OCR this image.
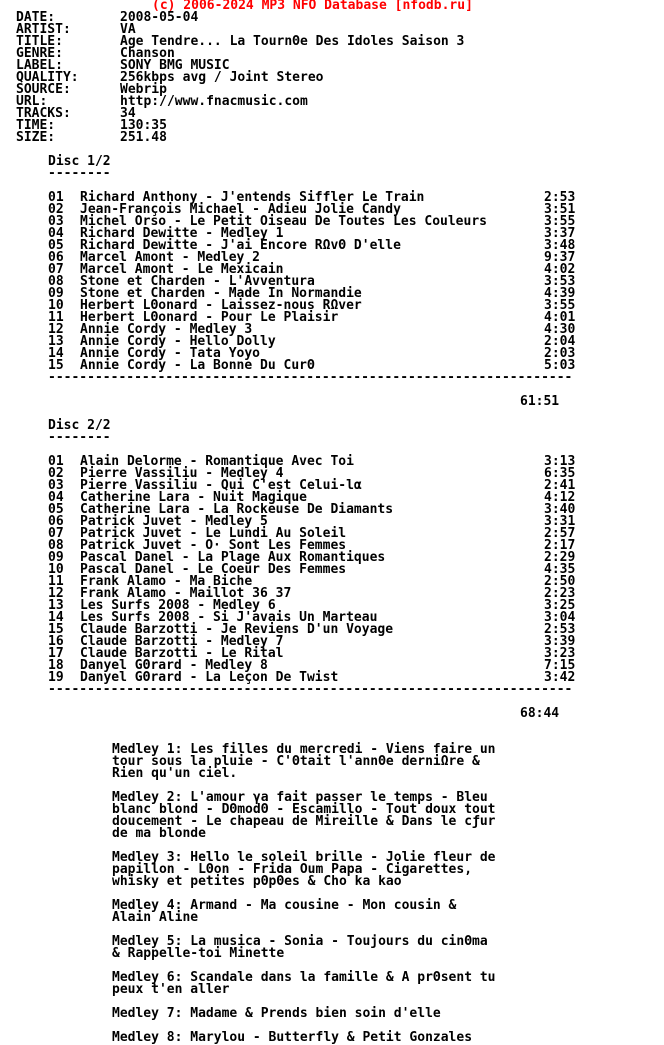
(c) 2006-2024 MP3 NFO Database [nfodb.ru]
DATE:	2008-05-04
ARTIST:	VA
TITLE:	Age Tendre... La TournΘe Des Idoles Saison 3
GENRE:	Chanson
LABEL:	SONY BMG MUSIC
QUALITY:	256kbps avg / Joint Stereo
SOURCE:	Webrip
URL:	http://www.fnacmusic.com
TRACKS:	34
TIME:	130:35
SIZE:	251.48
Disc 1/2
--------
01 Richard Anthony - J'entends Siffler Le Train	2:53
02 Jean-François Michael - Adieu Jolie Candy	3:51
03 Michel Orso - Le Petit Oiseau De Toutes Les Couleurs	3:55
04 Richard Dewitte - Medley 1	3:37
05 Richard Dewitte - J'ai Encore RΩvΘ D'elle	3:48
06 Marcel Amont - Medley 2	9:37
07 Marcel Amont - Le Mexicain	4:02
08 Stone et Charden - L'Avventura	3:53
09 Stone et Charden - Made In Normandie	4:39
10 Herbert LΘonard - Laissez-nous RΩver	3:55
11 Herbert LΘonard - Pour Le Plaisir	4:01
12 Annie Cordy - Medley 3	4:30
13 Annie Cordy - Hello Dolly	2:04
14 Annie Cordy - Tata Yoyo	2:03
15 Annie Cordy - La Bonne Du CurΘ	5:03
-------------------------------------------------------------------
61:51
Disc 2/2
--------
01 Alain Delorme - Romantique Avec Toi	3:13
02 Pierre Vassiliu - Medley 4	6:35
03 Pierre Vassiliu - Qui C'est Celui-lα	2:41
04 Catherine Lara - Nuit Magique	4:12
05 Catherine Lara - La Rockeuse De Diamants	3:40
06 Patrick Juvet - Medley 5	3:31
07 Patrick Juvet - Le Lundi Au Soleil	2:57
08 Patrick Juvet - O· Sont Les Femmes	2:17
09 Pascal Danel - La Plage Aux Romantiques	2:29
10 Pascal Danel - Le Coeur Des Femmes	4:35
11 Frank Alamo - Ma Biche	2:50
12 Frank Alamo - Maillot 36 37	2:23
13 Les Surfs 2008 - Medley 6	3:25
14 Les Surfs 2008 - Si J'avais Un Marteau	3:04
15 Claude Barzotti - Je Reviens D'un Voyage	2:53
16 Claude Barzotti - Medley 7	3:39
17 Claude Barzotti - Le Rital	3:23
18 Danyel GΘrard - Medley 8	7:15
19 Danyel GΘrard - La Leçon De Twist	3:42
-------------------------------------------------------------------
68:44
Medley 1: Les filles du mercredi - Viens faire un
tour sous la pluie - C'Θtait l'annΘe derniΩre &
Rien qu'un ciel.
Medley 2: L'amour γa fait passer le temps - Bleu
blanc blond - DΘmodΘ - Escamillo - Tout doux tout
doucement - Le chapeau de Mireille & Dans le cƒur
de ma blonde
Medley 3: Hello le soleil brille - Jolie fleur de
papillon - LΘon - Frida Oum Papa - Cigarettes,
whisky et petites pΘpΘes & Cho ka kao
Medley 4: Armand - Ma cousine - Mon cousin &
Alain Aline
Medley 5: La musica - Sonia - Toujours du cinΘma
& Rappelle-toi Minette
Medley 6: Scandale dans la famille & A prΘsent tu
peux t'en aller
Medley 7: Madame & Prends bien soin d'elle
Medley 8: Marylou - Butterfly & Petit Gonzales
